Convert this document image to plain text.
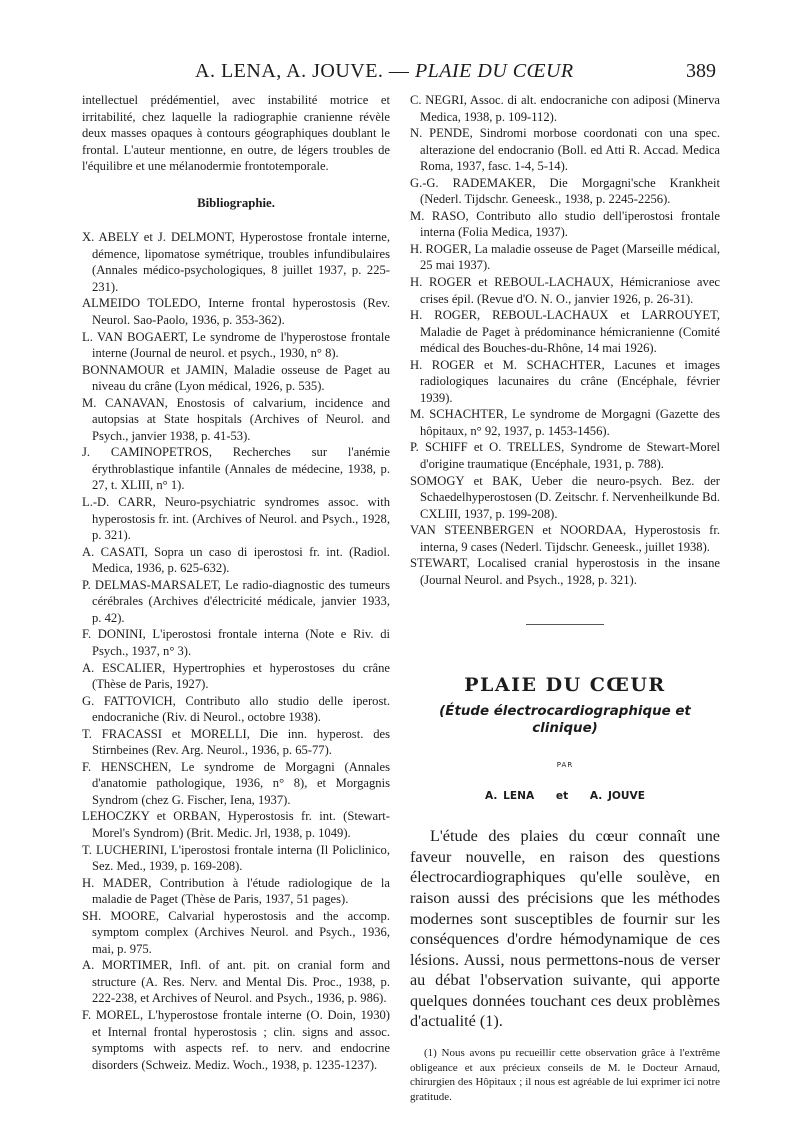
A. LENA, A. JOUVE. — PLAIE DU CŒUR	389

intellectuel prédémentiel, avec instabilité motrice et irritabilité, chez laquelle la radiographie cranienne révèle deux masses opaques à contours géographiques doublant le frontal. L'auteur mentionne, en outre, de légers troubles de l'équilibre et une mélanodermie frontotemporale.

Bibliographie.

X. ABELY et J. DELMONT, Hyperostose frontale interne, démence, lipomatose symétrique, troubles infundibulaires (Annales médico-psychologiques, 8 juillet 1937, p. 225-231).

ALMEIDO TOLEDO, Interne frontal hyperostosis (Rev. Neurol. Sao-Paolo, 1936, p. 353-362).

L. VAN BOGAERT, Le syndrome de l'hyperostose frontale interne (Journal de neurol. et psych., 1930, n° 8).

BONNAMOUR et JAMIN, Maladie osseuse de Paget au niveau du crâne (Lyon médical, 1926, p. 535).

M. CANAVAN, Enostosis of calvarium, incidence and autopsias at State hospitals (Archives of Neurol. and Psych., janvier 1938, p. 41-53).

J. CAMINOPETROS, Recherches sur l'anémie érythroblastique infantile (Annales de médecine, 1938, p. 27, t. XLIII, n° 1).

L.-D. CARR, Neuro-psychiatric syndromes assoc. with hyperostosis fr. int. (Archives of Neurol. and Psych., 1928, p. 321).

A. CASATI, Sopra un caso di iperostosi fr. int. (Radiol. Medica, 1936, p. 625-632).

P. DELMAS-MARSALET, Le radio-diagnostic des tumeurs cérébrales (Archives d'électricité médicale, janvier 1933, p. 42).

F. DONINI, L'iperostosi frontale interna (Note e Riv. di Psych., 1937, n° 3).

A. ESCALIER, Hypertrophies et hyperostoses du crâne (Thèse de Paris, 1927).

G. FATTOVICH, Contributo allo studio delle iperost. endocraniche (Riv. di Neurol., octobre 1938).

T. FRACASSI et MORELLI, Die inn. hyperost. des Stirnbeines (Rev. Arg. Neurol., 1936, p. 65-77).

F. HENSCHEN, Le syndrome de Morgagni (Annales d'anatomie pathologique, 1936, n° 8), et Morgagnis Syndrom (chez G. Fischer, Iena, 1937).

LEHOCZKY et ORBAN, Hyperostosis fr. int. (Stewart-Morel's Syndrom) (Brit. Medic. Jrl, 1938, p. 1049).

T. LUCHERINI, L'iperostosi frontale interna (Il Policlinico, Sez. Med., 1939, p. 169-208).

H. MADER, Contribution à l'étude radiologique de la maladie de Paget (Thèse de Paris, 1937, 51 pages).

SH. MOORE, Calvarial hyperostosis and the accomp. symptom complex (Archives Neurol. and Psych., 1936, mai, p. 975.

A. MORTIMER, Infl. of ant. pit. on cranial form and structure (A. Res. Nerv. and Mental Dis. Proc., 1938, p. 222-238, et Archives of Neurol. and Psych., 1936, p. 986).

F. MOREL, L'hyperostose frontale interne (O. Doin, 1930) et Internal frontal hyperostosis ; clin. signs and assoc. symptoms with aspects ref. to nerv. and endocrine disorders (Schweiz. Mediz. Woch., 1938, p. 1235-1237).

C. NEGRI, Assoc. di alt. endocraniche con adiposi (Minerva Medica, 1938, p. 109-112).

N. PENDE, Sindromi morbose coordonati con una spec. alterazione del endocranio (Boll. ed Atti R. Accad. Medica Roma, 1937, fasc. 1-4, 5-14).

G.-G. RADEMAKER, Die Morgagni'sche Krankheit (Nederl. Tijdschr. Geneesk., 1938, p. 2245-2256).

M. RASO, Contributo allo studio dell'iperostosi frontale interna (Folia Medica, 1937).

H. ROGER, La maladie osseuse de Paget (Marseille médical, 25 mai 1937).

H. ROGER et REBOUL-LACHAUX, Hémicraniose avec crises épil. (Revue d'O. N. O., janvier 1926, p. 26-31).

H. ROGER, REBOUL-LACHAUX et LARROUYET, Maladie de Paget à prédominance hémicranienne (Comité médical des Bouches-du-Rhône, 14 mai 1926).

H. ROGER et M. SCHACHTER, Lacunes et images radiologiques lacunaires du crâne (Encéphale, février 1939).

M. SCHACHTER, Le syndrome de Morgagni (Gazette des hôpitaux, n° 92, 1937, p. 1453-1456).

P. SCHIFF et O. TRELLES, Syndrome de Stewart-Morel d'origine traumatique (Encéphale, 1931, p. 788).

SOMOGY et BAK, Ueber die neuro-psych. Bez. der Schaedelhyperostosen (D. Zeitschr. f. Nervenheilkunde Bd. CXLIII, 1937, p. 199-208).

VAN STEENBERGEN et NOORDAA, Hyperostosis fr. interna, 9 cases (Nederl. Tijdschr. Geneesk., juillet 1938).

STEWART, Localised cranial hyperostosis in the insane (Journal Neurol. and Psych., 1928, p. 321).

PLAIE DU CŒUR
(Étude électrocardiographique et clinique)
PAR
A. LENA et A. JOUVE

L'étude des plaies du cœur connaît une faveur nouvelle, en raison des questions électrocardiographiques qu'elle soulève, en raison aussi des précisions que les méthodes modernes sont susceptibles de fournir sur les conséquences d'ordre hémodynamique de ces lésions. Aussi, nous permettons-nous de verser au débat l'observation suivante, qui apporte quelques données touchant ces deux problèmes d'actualité (1).

(1) Nous avons pu recueillir cette observation grâce à l'extrême obligeance et aux précieux conseils de M. le Docteur Arnaud, chirurgien des Hôpitaux ; il nous est agréable de lui exprimer ici notre gratitude.
